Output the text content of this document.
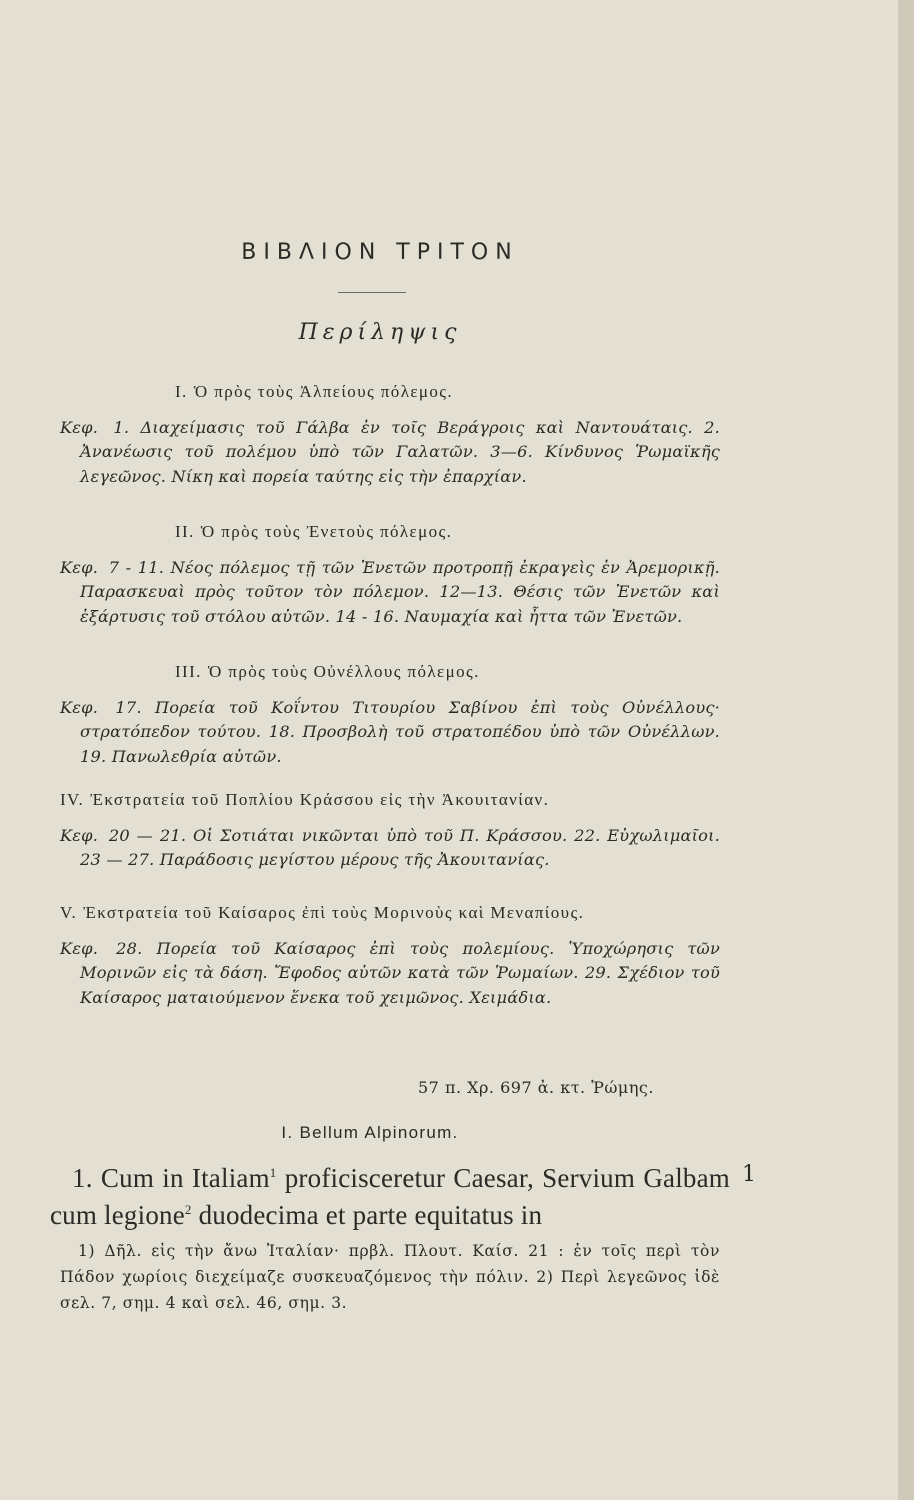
ΒΙΒΛΙΟΝ ΤΡΙΤΟΝ
Περίληψις
I. Ὁ πρὸς τοὺς Ἀλπείους πόλεμος.
Κεφ. 1. Διαχείμασις τοῦ Γάλβα ἐν τοῖς Βεράγροις καὶ Ναντουάταις. 2. Ἀνανέωσις τοῦ πολέμου ὑπὸ τῶν Γαλατῶν. 3—6. Κίνδυνος Ῥωμαϊκῆς λεγεῶνος. Νίκη καὶ πορεία ταύτης εἰς τὴν ἐπαρχίαν.
II. Ὁ πρὸς τοὺς Ἐνετοὺς πόλεμος.
Κεφ. 7 - 11. Νέος πόλεμος τῇ τῶν Ἐνετῶν προτροπῇ ἐκραγεὶς ἐν Ἀρεμορικῇ. Παρασκευαὶ πρὸς τοῦτον τὸν πόλεμον. 12—13. Θέσις τῶν Ἐνετῶν καὶ ἐξάρτυσις τοῦ στόλου αὐτῶν. 14 - 16. Ναυμαχία καὶ ἧττα τῶν Ἐνετῶν.
III. Ὁ πρὸς τοὺς Οὐνέλλους πόλεμος.
Κεφ. 17. Πορεία τοῦ Κοΐντου Τιτουρίου Σαβίνου ἐπὶ τοὺς Οὐνέλλους· στρατόπεδον τούτου. 18. Προσβολὴ τοῦ στρατοπέδου ὑπὸ τῶν Οὐνέλλων. 19. Πανωλεθρία αὐτῶν.
IV. Ἐκστρατεία τοῦ Ποπλίου Κράσσου εἰς τὴν Ἀκουιτανίαν.
Κεφ. 20 — 21. Οἱ Σοτιάται νικῶνται ὑπὸ τοῦ Π. Κράσσου. 22. Εὐχωλιμαῖοι. 23 — 27. Παράδοσις μεγίστου μέρους τῆς Ἀκουιτανίας.
V. Ἐκστρατεία τοῦ Καίσαρος ἐπὶ τοὺς Μορινοὺς καὶ Μεναπίους.
Κεφ. 28. Πορεία τοῦ Καίσαρος ἐπὶ τοὺς πολεμίους. Ὑποχώρησις τῶν Μορινῶν εἰς τὰ δάση. Ἔφοδος αὐτῶν κατὰ τῶν Ῥωμαίων. 29. Σχέδιον τοῦ Καίσαρος ματαιούμενον ἕνεκα τοῦ χειμῶνος. Χειμάδια.
57 π. Χρ. 697 ἀ. κτ. Ῥώμης.
I. Bellum Alpinorum.
1. Cum in Italiam$^1$ proficisceretur Caesar, Servium Galbam cum legione$^2$ duodecima et parte equitatus in
1
1) Δῆλ. εἰς τὴν ἄνω Ἰταλίαν· πρβλ. Πλουτ. Καίσ. 21 : ἐν τοῖς περὶ τὸν Πάδον χωρίοις διεχείμαζε συσκευαζόμενος τὴν πόλιν. 2) Περὶ λεγεῶνος ἰδὲ σελ. 7, σημ. 4 καὶ σελ. 46, σημ. 3.
